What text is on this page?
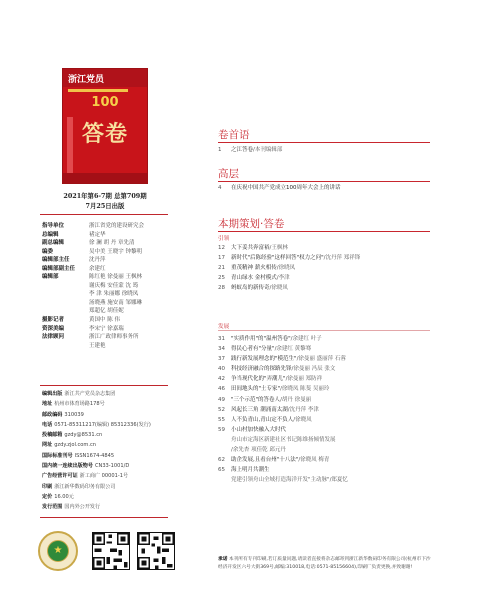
浙江党员
100
答卷
2021年第6-7期 总第709期
7月25日出版
指导单位	浙江省党的建设研究会
总编辑	褚定华
副总编辑	徐 澜 胡 丹 章先清
编委	吴中美 王晓宇 钟黎明
编辑部主任	沈丹萍
编辑部副主任	余建红
编辑部	陈红艳 徐曼丽 王枫林
谢庆梅 安佳蒙 沈 筠
李 津 朱丽娜 徐晓凤
汤晓燕 施安南 邹娜琳
郑超亿 胡佳妮
摄影记者	黄国中 陈 伟
资深美编	李宋宁 徐嘉瑞
法律顾问	浙江广政律师事务所
王建艳
编辑出版 浙江共产党员杂志集团
地址 杭州市体育场路178号
邮政编码 310039
电话 0571-85311217(编辑) 85312336(发行)
投稿邮箱 gzdy@8531.cn
网址 gzdy.zjol.com.cn
国际标准刊号 ISSN1674-4845
国内统一连续出版物号 CN33-1001/D
广告经营许可证 浙工商广 00001-1号
印刷 浙江新华数码印务有限公司
定价 16.00元
发行范围 国内外公开发行
★
卷首语
1	之江答卷/本刊编辑部
高层
4	在庆祝中国共产党成立100周年大会上的讲话
本期策划·答卷
引领
12	大下姜共奔富裕/王枫林
17	新时代"后陈经验"这样回答"权力之问"/沈丹萍 郑祥锋
21	重茂精神 薪火相传/徐晓凤
25	青山绿水 金村模式/李津
28	蚂蚁岛的新传奇/徐晓凤
发展
31	"实质作用"的"温州答卷"/余建红 叶子
34	得民心者有"分量"/余建红 黄黎骞
37	践行新发展理念的"模范生"/徐曼丽 盛丽萍 石蓉
40	科技经济融合的探路先锋/徐曼丽 冯辰 张文
42	争当现代化的"弄潮儿"/徐曼丽 郑防祥
46	田间地头的"土专家"/徐晓凤 陈斐 吴丽玲
49	"三个示范"的答卷人/胡丹 徐曼丽
52	风起长三角 潮涌南太湖/沈丹萍 李津
55	人不负青山,青山定不负人/徐晓凤
59	小山村加快融入大时代
舟山市定海区新建社区书记陈维扬倾情发展
/余先杏 项佳乾 邱元丹
62	助企发展,且看台州"十八法"/徐晓凤 梅青
65	海上明月共潮生
党建引领舟山全域打造海洋开发"主动脉"/郑夏忆
承诺 本刊所有专刊印刷,若订质量问题,请读者直接将杂志邮寄到浙江新华数码印务有限公司(杭州市下沙经济开发区六号大街369号,邮编:310018,电话:0571-85156604),印刷厂负责更换,并致谢谢!
